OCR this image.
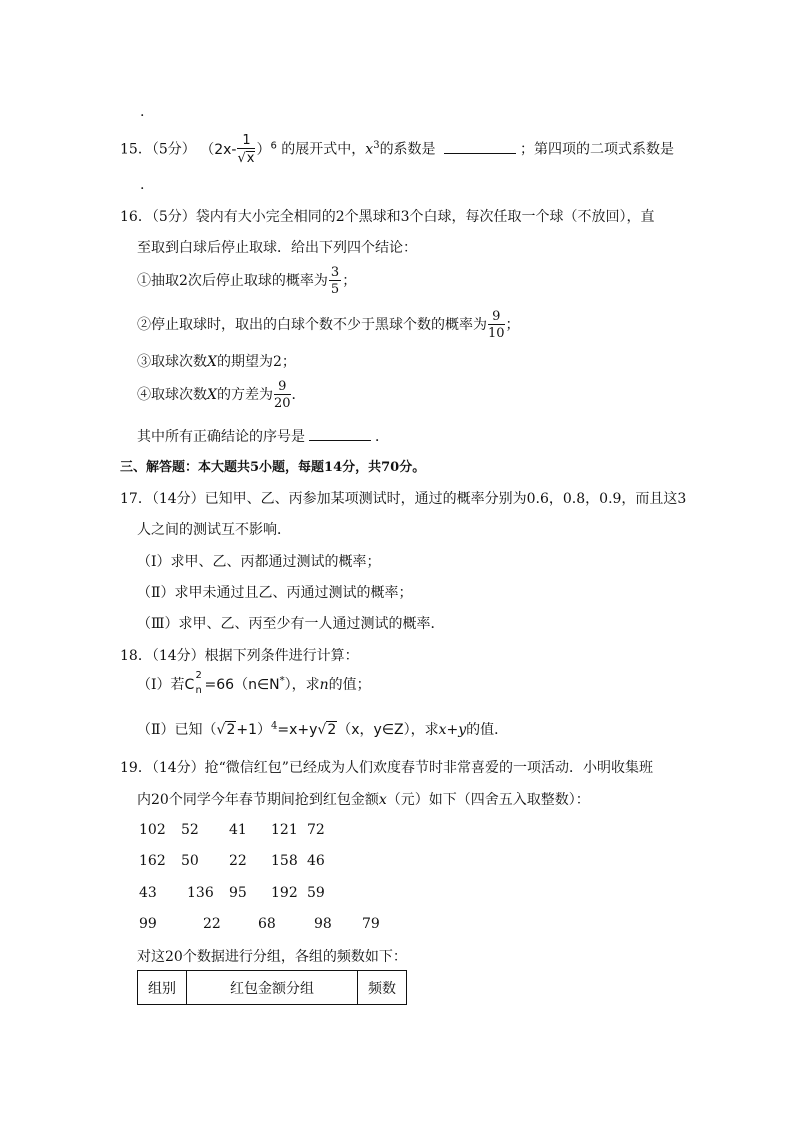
.
15．（5分） $(2x- \frac{1}{√x} )^6$ 的展开式中，$x^3$的系数是	；第四项的二项式系数是
.
16．（5分）袋内有大小完全相同的2个黑球和3个白球，每次任取一个球（不放回），直
至取到白球后停止取球．给出下列四个结论：
①抽取2次后停止取球的概率为 $\frac{3}{5}$ ；
②停止取球时，取出的白球个数不少于黑球个数的概率为 $\frac{9}{10}$ ；
③取球次数X的期望为2；
④取球次数X的方差为 $\frac{9}{20}$ ．
其中所有正确结论的序号是	．
三、解答题：本大题共5小题，每题14分，共70分。
17．（14分）已知甲、乙、丙参加某项测试时，通过的概率分别为0.6，0.8，0.9，而且这3
人之间的测试互不影响．
（Ⅰ）求甲、乙、丙都通过测试的概率；
（Ⅱ）求甲未通过且乙、丙通过测试的概率；
（Ⅲ）求甲、乙、丙至少有一人通过测试的概率．
18．（14分）根据下列条件进行计算：
（Ⅰ）若C
2
n =66（n∈N*），求n的值；
（Ⅱ）已知$(√2+1)^4=x+y√2(x$，y∈Z），求x+y的值．
19．（14分）抢“微信红包”已经成为人们欢度春节时非常喜爱的一项活动．小明收集班
内20个同学今年春节期间抢到红包金额x（元）如下（四舍五入取整数）：
102 52 41 121 72
162 50 22 158 46
43 136 95 192 59
99	22	68	98 79
对这20个数据进行分组，各组的频数如下：
组别	红包金额分组	频数
